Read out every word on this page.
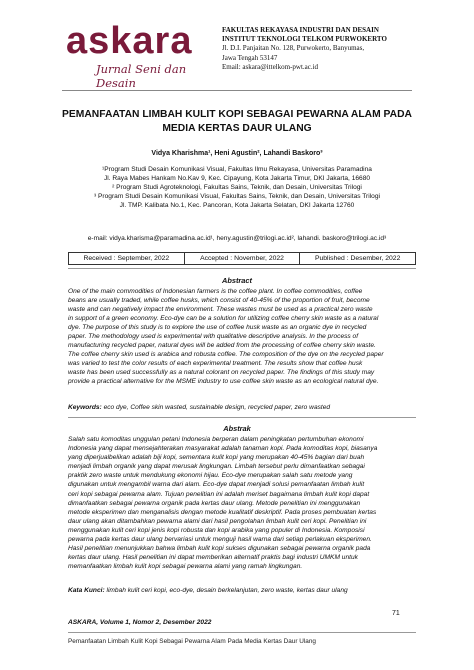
askara
Jurnal Seni dan Desain

FAKULTAS REKAYASA INDUSTRI DAN DESAIN

INSTITUT TEKNOLOGI TELKOM PURWOKERTO

Jl. D.I. Panjaitan No. 128, Purwokerto, Banyumas,

Jawa Tengah 53147

Email: askara@ittelkom-pwt.ac.id

PEMANFAATAN LIMBAH KULIT KOPI SEBAGAI PEWARNA ALAM PADA

MEDIA KERTAS DAUR ULANG

Vidya Kharishma¹, Heni Agustin², Lahandi Baskoro³

¹Program Studi Desain Komunikasi Visual, Fakultas Ilmu Rekayasa, Universitas Paramadina

Jl. Raya Mabes Hankam No.Kav 9, Kec. Cipayung, Kota Jakarta Timur, DKI Jakarta, 16680

² Program Studi Agroteknologi, Fakultas Sains, Teknik, dan Desain, Universitas Trilogi

³ Program Studi Desain Komunikasi Visual, Fakultas Sains, Teknik, dan Desain, Universitas Trilogi

Jl. TMP. Kalibata No.1, Kec. Pancoran, Kota Jakarta Selatan, DKI Jakarta 12760

e-mail: vidya.kharisma@paramadina.ac.id¹, heny.agustin@trilogi.ac.id², lahandi. baskoro@trilogi.ac.id³
Received : September, 2022	Accepted : November, 2022	Published : Desember, 2022
Abstract

One of the main commodities of Indonesian farmers is the coffee plant. In coffee commodities, coffee

beans are usually traded, while coffee husks, which consist of 40-45% of the proportion of fruit, become

waste and can negatively impact the environment. These wastes must be used as a practical zero waste

in support of a green economy. Eco-dye can be a solution for utilizing coffee cherry skin waste as a natural

dye. The purpose of this study is to explore the use of coffee husk waste as an organic dye in recycled

paper. The methodology used is experimental with qualitative descriptive analysis. In the process of

manufacturing recycled paper, natural dyes will be added from the processing of coffee cherry skin waste.

The coffee cherry skin used is arabica and robusta coffee. The composition of the dye on the recycled paper

was varied to test the color results of each experimental treatment. The results show that coffee husk

waste has been used successfully as a natural colorant on recycled paper. The findings of this study may

provide a practical alternative for the MSME industry to use coffee skin waste as an ecological natural dye.

Keywords: eco dye, Coffee skin wasted, sustainable design, recycled paper, zero wasted
Abstrak

Salah satu komoditas unggulan petani Indonesia berperan dalam peningkatan pertumbuhan ekonomi

Indonesia yang dapat mensejahterakan masyarakat adalah tanaman kopi. Pada komoditas kopi, biasanya

yang diperjualbelikan adalah biji kopi, sementara kulit kopi yang merupakan 40-45% bagian dari buah

menjadi limbah organik yang dapat merusak lingkungan. Limbah tersebut perlu dimanfaatkan sebagai

praktik zero waste untuk mendukung ekonomi hijau. Eco-dye merupakan salah satu metode yang

digunakan untuk mengambil warna dari alam. Eco-dye dapat menjadi solusi pemanfaatan limbah kulit

ceri kopi sebagai pewarna alam. Tujuan penelitian ini adalah meriset bagaimana limbah kulit kopi dapat

dimanfaatkan sebagai pewarna organik pada kertas daur ulang. Metode penelitian ini menggunakan

metode eksperimen dan menganalisis dengan metode kualitatif deskriptif. Pada proses pembuatan kertas

daur ulang akan ditambahkan pewarna alami dari hasil pengolahan limbah kulit ceri kopi. Penelitian ini

menggunakan kulit ceri kopi jenis kopi robusta dan kopi arabika yang populer di Indonesia. Komposisi

pewarna pada kertas daur ulang bervariasi untuk menguji hasil warna dari setiap perlakuan eksperimen.

Hasil penelitian menunjukkan bahwa limbah kulit kopi sukses digunakan sebagai pewarna organik pada

kertas daur ulang. Hasil penelitian ini dapat memberikan alternatif praktis bagi industri UMKM untuk

memanfaatkan limbah kulit kopi sebagai pewarna alami yang ramah lingkungan.

Kata Kunci: limbah kulit ceri kopi, eco-dye, desain berkelanjutan, zero waste, kertas daur ulang
71
ASKARA, Volume 1, Nomor 2, Desember 2022
Pemanfaatan Limbah Kulit Kopi Sebagai Pewarna Alam Pada Media Kertas Daur Ulang
